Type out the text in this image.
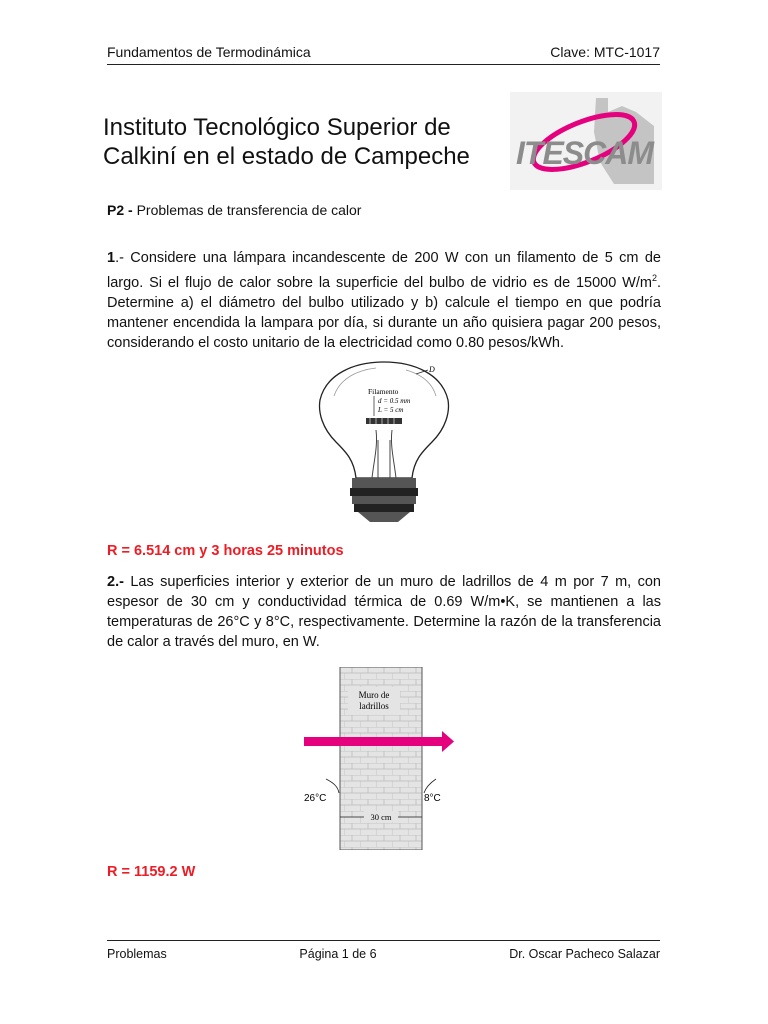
Fundamentos de Termodinámica	Clave: MTC-1017
Instituto Tecnológico Superior de
Calkiní en el estado de Campeche ITESCAM
P2 - Problemas de transferencia de calor
1.- Considere una lámpara incandescente de 200 W con un filamento de 5 cm de largo. Si el flujo de calor sobre la superficie del bulbo de vidrio es de 15000 $W/m^2$. Determine a) el diámetro del bulbo utilizado y b) calcule el tiempo en que podría mantener encendida la lampara por día, si durante un año quisiera pagar 200 pesos, considerando el costo unitario de la electricidad como 0.80 pesos/kWh.
D
Filamento
d = 0.5 mm
L = 5 cm
R = 6.514 cm y 3 horas 25 minutos
2.- Las superficies interior y exterior de un muro de ladrillos de 4 m por 7 m, con espesor de 30 cm y conductividad térmica de 0.69 W/m•K, se mantienen a las temperaturas de 26°C y 8°C, respectivamente. Determine la razón de la transferencia de calor a través del muro, en W.
Muro de
ladrillos
26°C	8°C
30 cm
R = 1159.2 W
Problemas	Página 1 de 6	Dr. Oscar Pacheco Salazar
